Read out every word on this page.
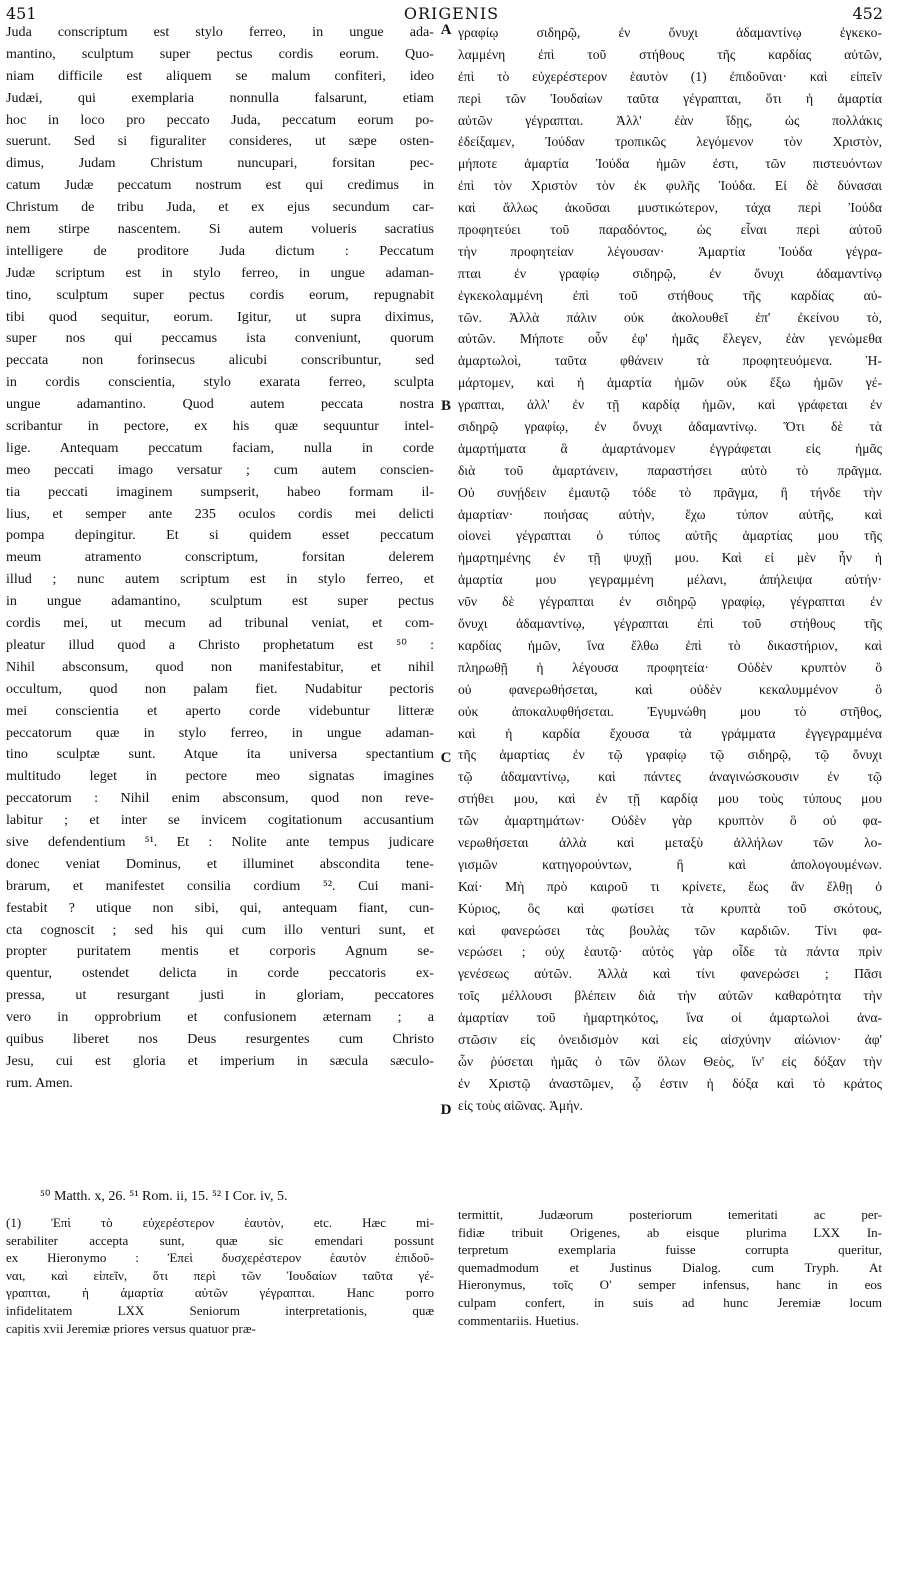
451	ORIGENIS	452
Juda conscriptum est stylo ferreo, in ungue ada-
mantino, sculptum super pectus cordis eorum. Quo-
niam difficile est aliquem se malum confiteri, ideo
Judæi, qui exemplaria nonnulla falsarunt, etiam
hoc in loco pro peccato Juda, peccatum eorum po-
suerunt. Sed si figuraliter consideres, ut sæpe osten-
dimus, Judam Christum nuncupari, forsitan pec-
catum Judæ peccatum nostrum est qui credimus in
Christum de tribu Juda, et ex ejus secundum car-
nem stirpe nascentem. Si autem volueris sacratius
intelligere de proditore Juda dictum : Peccatum
Judæ scriptum est in stylo ferreo, in ungue adaman-
tino, sculptum super pectus cordis eorum, repugnabit
tibi quod sequitur, eorum. Igitur, ut supra diximus,
super nos qui peccamus ista conveniunt, quorum
peccata non forinsecus alicubi conscribuntur, sed
in cordis conscientia, stylo exarata ferreo, sculpta
ungue adamantino. Quod autem peccata nostra
scribantur in pectore, ex his quæ sequuntur intel-
lige. Antequam peccatum faciam, nulla in corde
meo peccati imago versatur ; cum autem conscien-
tia peccati imaginem sumpserit, habeo formam il-
lius, et semper ante 235 oculos cordis mei delicti
pompa depingitur. Et si quidem esset peccatum
meum atramento conscriptum, forsitan delerem
illud ; nunc autem scriptum est in stylo ferreo, et
in ungue adamantino, sculptum est super pectus
cordis mei, ut mecum ad tribunal veniat, et com-
pleatur illud quod a Christo prophetatum est ⁵⁰ :
Nihil absconsum, quod non manifestabitur, et nihil
occultum, quod non palam fiet. Nudabitur pectoris
mei conscientia et aperto corde videbuntur litteræ
peccatorum quæ in stylo ferreo, in ungue adaman-
tino sculptæ sunt. Atque ita universa spectantium
multitudo leget in pectore meo signatas imagines
peccatorum : Nihil enim absconsum, quod non reve-
labitur ; et inter se invicem cogitationum accusantium
sive defendentium ⁵¹. Et : Nolite ante tempus judicare
donec veniat Dominus, et illuminet abscondita tene-
brarum, et manifestet consilia cordium ⁵². Cui mani-
festabit ? utique non sibi, qui, antequam fiant, cun-
cta cognoscit ; sed his qui cum illo venturi sunt, et
propter puritatem mentis et corporis Agnum se-
quentur, ostendet delicta in corde peccatoris ex-
pressa, ut resurgant justi in gloriam, peccatores
vero in opprobrium et confusionem æternam ; a
quibus liberet nos Deus resurgentes cum Christo
Jesu, cui est gloria et imperium in sæcula sæculo-
rum. Amen.
A
B
C
D
γραφίῳ σιδηρῷ, ἐν ὄνυχι ἀδαμαντίνῳ ἐγκεκο-
λαμμένη ἐπὶ τοῦ στήθους τῆς καρδίας αὐτῶν,
ἐπὶ τὸ εὐχερέστερον ἑαυτὸν (1) ἐπιδοῦναι· καὶ εἰπεῖν
περὶ τῶν Ἰουδαίων ταῦτα γέγραπται, ὅτι ἡ ἁμαρτία
αὐτῶν γέγραπται. Ἀλλ' ἐὰν ἴδῃς, ὡς πολλάκις
ἐδείξαμεν, Ἰούδαν τροπικῶς λεγόμενον τὸν Χριστὸν,
μήποτε ἁμαρτία Ἰούδα ἡμῶν ἐστι, τῶν πιστευόντων
ἐπὶ τὸν Χριστὸν τὸν ἐκ φυλῆς Ἰούδα. Εἰ δὲ δύνασαι
καὶ ἄλλως ἀκοῦσαι μυστικώτερον, τάχα περὶ Ἰούδα
προφητεύει τοῦ παραδόντος, ὡς εἶναι περὶ αὐτοῦ
τὴν προφητείαν λέγουσαν· Ἁμαρτία Ἰούδα γέγρα-
πται ἐν γραφίῳ σιδηρῷ, ἐν ὄνυχι ἀδαμαντίνῳ
ἐγκεκολαμμένη ἐπὶ τοῦ στήθους τῆς καρδίας αὐ-
τῶν. Ἀλλὰ πάλιν οὐκ ἀκολουθεῖ ἐπ' ἐκείνου τὸ,
αὐτῶν. Μήποτε οὖν ἐφ' ἡμᾶς ἔλεγεν, ἐὰν γενώμεθα
ἁμαρτωλοὶ, ταῦτα φθάνειν τὰ προφητευόμενα. Ἡ-
μάρτομεν, καὶ ἡ ἁμαρτία ἡμῶν οὐκ ἔξω ἡμῶν γέ-
γραπται, ἀλλ' ἐν τῇ καρδίᾳ ἡμῶν, καὶ γράφεται ἐν
σιδηρῷ γραφίῳ, ἐν ὄνυχι ἀδαμαντίνῳ. Ὅτι δὲ τὰ
ἁμαρτήματα ἃ ἁμαρτάνομεν ἐγγράφεται εἰς ἡμᾶς
διὰ τοῦ ἁμαρτάνειν, παραστήσει αὐτὸ τὸ πρᾶγμα.
Οὐ συνῄδειν ἐμαυτῷ τόδε τὸ πρᾶγμα, ἢ τήνδε τὴν
ἁμαρτίαν· ποιήσας αὐτὴν, ἔχω τύπον αὐτῆς, καὶ
οἱονεὶ γέγραπται ὁ τύπος αὐτῆς ἁμαρτίας μου τῆς
ἡμαρτημένης ἐν τῇ ψυχῇ μου. Καὶ εἰ μὲν ἦν ἡ
ἁμαρτία μου γεγραμμένη μέλανι, ἀπήλειψα αὐτήν·
νῦν δὲ γέγραπται ἐν σιδηρῷ γραφίῳ, γέγραπται ἐν
ὄνυχι ἀδαμαντίνῳ, γέγραπται ἐπὶ τοῦ στήθους τῆς
καρδίας ἡμῶν, ἵνα ἔλθω ἐπὶ τὸ δικαστήριον, καὶ
πληρωθῇ ἡ λέγουσα προφητεία· Οὐδὲν κρυπτὸν ὃ
οὐ φανερωθήσεται, καὶ οὐδὲν κεκαλυμμένον ὃ
οὐκ ἀποκαλυφθήσεται. Ἐγυμνώθη μου τὸ στῆθος,
καὶ ἡ καρδία ἔχουσα τὰ γράμματα ἐγγεγραμμένα
τῆς ἁμαρτίας ἐν τῷ γραφίῳ τῷ σιδηρῷ, τῷ ὄνυχι
τῷ ἀδαμαντίνῳ, καὶ πάντες ἀναγινώσκουσιν ἐν τῷ
στήθει μου, καὶ ἐν τῇ καρδίᾳ μου τοὺς τύπους μου
τῶν ἁμαρτημάτων· Οὐδὲν γὰρ κρυπτὸν ὃ οὐ φα-
νερωθήσεται ἀλλὰ καὶ μεταξὺ ἀλλήλων τῶν λο-
γισμῶν κατηγορούντων, ἢ καὶ ἀπολογουμένων.
Καί· Μὴ πρὸ καιροῦ τι κρίνετε, ἕως ἂν ἔλθῃ ὁ
Κύριος, ὃς καὶ φωτίσει τὰ κρυπτὰ τοῦ σκότους,
καὶ φανερώσει τὰς βουλὰς τῶν καρδιῶν. Τίνι φα-
νερώσει ; οὐχ ἑαυτῷ· αὐτὸς γὰρ οἶδε τὰ πάντα πρὶν
γενέσεως αὐτῶν. Ἀλλὰ καὶ τίνι φανερώσει ; Πᾶσι
τοῖς μέλλουσι βλέπειν διὰ τὴν αὐτῶν καθαρότητα τὴν
ἁμαρτίαν τοῦ ἡμαρτηκότος, ἵνα οἱ ἁμαρτωλοὶ ἀνα-
στῶσιν εἰς ὀνειδισμὸν καὶ εἰς αἰσχύνην αἰώνιον· ἀφ'
ὧν ῥύσεται ἡμᾶς ὁ τῶν ὅλων Θεὸς, ἵν' εἰς δόξαν τὴν
ἐν Χριστῷ ἀναστῶμεν, ᾧ ἐστιν ἡ δόξα καὶ τὸ κράτος
εἰς τοὺς αἰῶνας. Ἀμήν.
⁵⁰ Matth. x, 26. ⁵¹ Rom. ii, 15. ⁵² I Cor. iv, 5.
(1) Ἐπὶ τὸ εὐχερέστερον ἑαυτὸν, etc. Hæc mi-
serabiliter accepta sunt, quæ sic emendari possunt
ex Hieronymo : Ἐπεὶ δυσχερέστερον ἑαυτὸν ἐπιδοῦ-
ναι, καὶ εἰπεῖν, ὅτι περὶ τῶν Ἰουδαίων ταῦτα γέ-
γραπται, ἡ ἁμαρτία αὐτῶν γέγραπται. Hanc porro
infidelitatem LXX Seniorum interpretationis, quæ
capitis xvii Jeremiæ priores versus quatuor præ-
termittit, Judæorum posteriorum temeritati ac per-
fidiæ tribuit Origenes, ab eisque plurima LXX In-
terpretum exemplaria fuisse corrupta queritur,
quemadmodum et Justinus Dialog. cum Tryph. At
Hieronymus, τοῖς Ο' semper infensus, hanc in eos
culpam confert, in suis ad hunc Jeremiæ locum
commentariis. Huetius.
